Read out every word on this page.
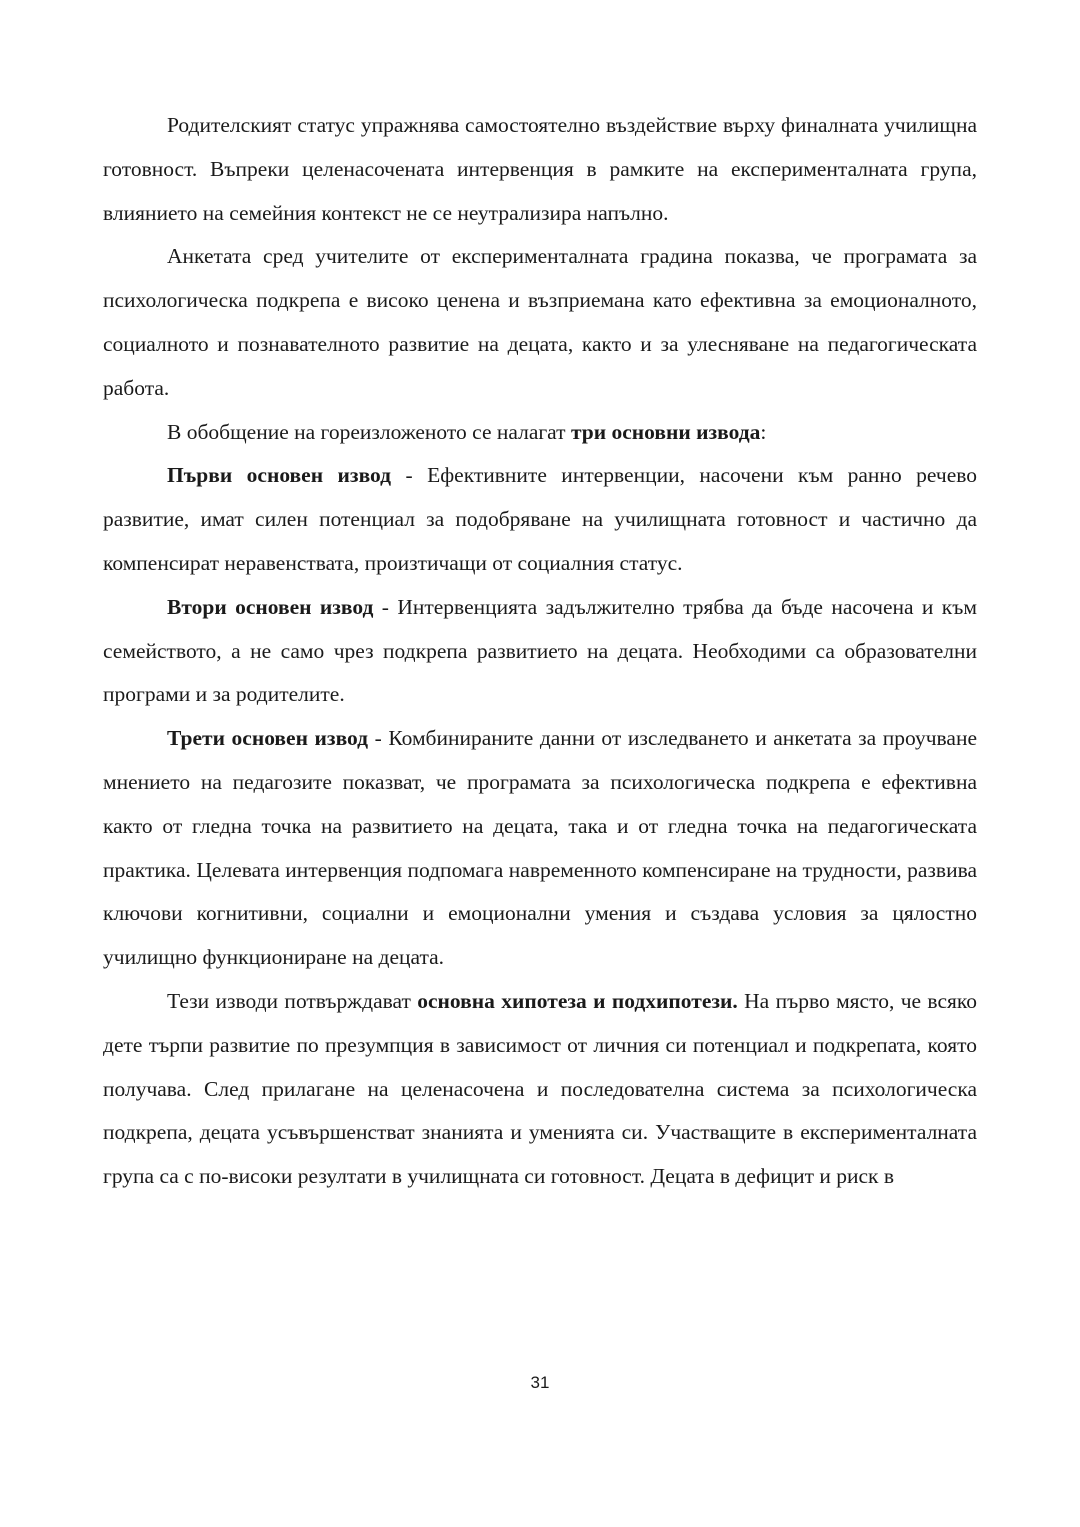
Родителският статус упражнява самостоятелно въздействие върху финалната училищна готовност. Въпреки целенасочената интервенция в рамките на експерименталната група, влиянието на семейния контекст не се неутрализира напълно.

Анкетата сред учителите от експерименталната градина показва, че програмата за психологическа подкрепа е високо ценена и възприемана като ефективна за емоционалното, социалното и познавателното развитие на децата, както и за улесняване на педагогическата работа.

В обобщение на гореизложеното се налагат три основни извода:

Първи основен извод - Ефективните интервенции, насочени към ранно речево развитие, имат силен потенциал за подобряване на училищната готовност и частично да компенсират неравенствата, произтичащи от социалния статус.

Втори основен извод - Интервенцията задължително трябва да бъде насочена и към семейството, а не само чрез подкрепа развитието на децата. Необходими са образователни програми и за родителите.

Трети основен извод - Комбинираните данни от изследването и анкетата за проучване мнението на педагозите показват, че програмата за психологическа подкрепа е ефективна както от гледна точка на развитието на децата, така и от гледна точка на педагогическата практика. Целевата интервенция подпомага навременното компенсиране на трудности, развива ключови когнитивни, социални и емоционални умения и създава условия за цялостно училищно функциониране на децата.

Тези изводи потвърждават основна хипотеза и подхипотези. На първо място, че всяко дете търпи развитие по презумпция в зависимост от личния си потенциал и подкрепата, която получава. След прилагане на целенасочена и последователна система за психологическа подкрепа, децата усъвършенстват знанията и уменията си. Участващите в експерименталната група са с по-високи резултати в училищната си готовност. Децата в дефицит и риск в

31
